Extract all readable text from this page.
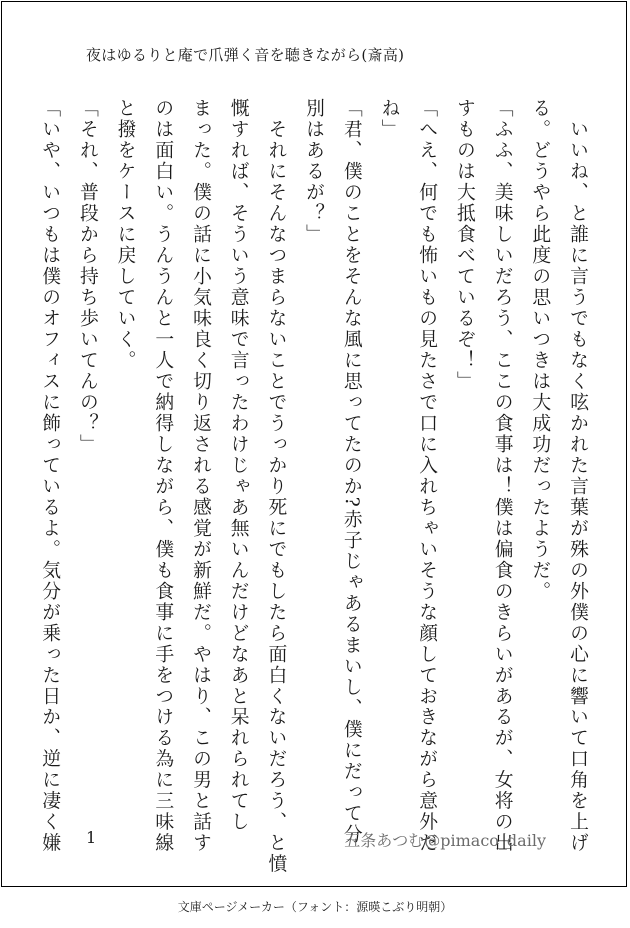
夜はゆるりと庵で爪弾く音を聴きながら(斎高)

　いいね、と誰に言うでもなく呟かれた言葉が殊の外僕の心に響いて口角を上げ

る。どうやら此度の思いつきは大成功だったようだ。

「ふふ、美味しいだろう、ここの食事は！僕は偏食のきらいがあるが、女将の出

すものは大抵食べているぞ！」

「へえ、何でも怖いもの見たさで口に入れちゃいそうな顔しておきながら意外だ

ね」

「君、僕のことをそんな風に思ってたのか?赤子じゃあるまいし、僕にだって分

別はあるが？」

　それにそんなつまらないことでうっかり死にでもしたら面白くないだろう、と憤

慨すれば、そういう意味で言ったわけじゃあ無いんだけどなあと呆れられてし

まった。僕の話に小気味良く切り返される感覚が新鮮だ。やはり、この男と話す

のは面白い。うんうんと一人で納得しながら、僕も食事に手をつける為に三味線

と撥をケースに戻していく。

「それ、普段から持ち歩いてんの？」

「いや、いつもは僕のオフィスに飾っているよ。気分が乗った日か、逆に凄く嫌	1	五条あつむ@pimaco_daily
文庫ページメーカー（フォント：源暎こぶり明朝）
